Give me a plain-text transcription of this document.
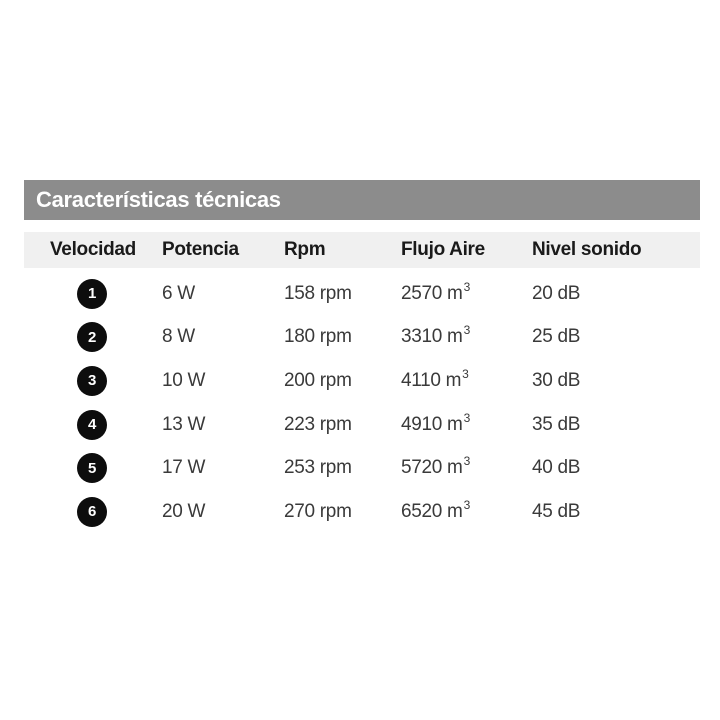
Características técnicas
Velocidad	Potencia	Rpm	Flujo Aire	Nivel sonido
1	6 W	158 rpm	2570 $m^3$	20 dB
2	8 W	180 rpm	3310 $m^3$	25 dB
3	10 W	200 rpm	4110 $m^3$	30 dB
4	13 W	223 rpm	4910 $m^3$	35 dB
5	17 W	253 rpm	5720 $m^3$	40 dB
6	20 W	270 rpm	6520 $m^3$	45 dB
